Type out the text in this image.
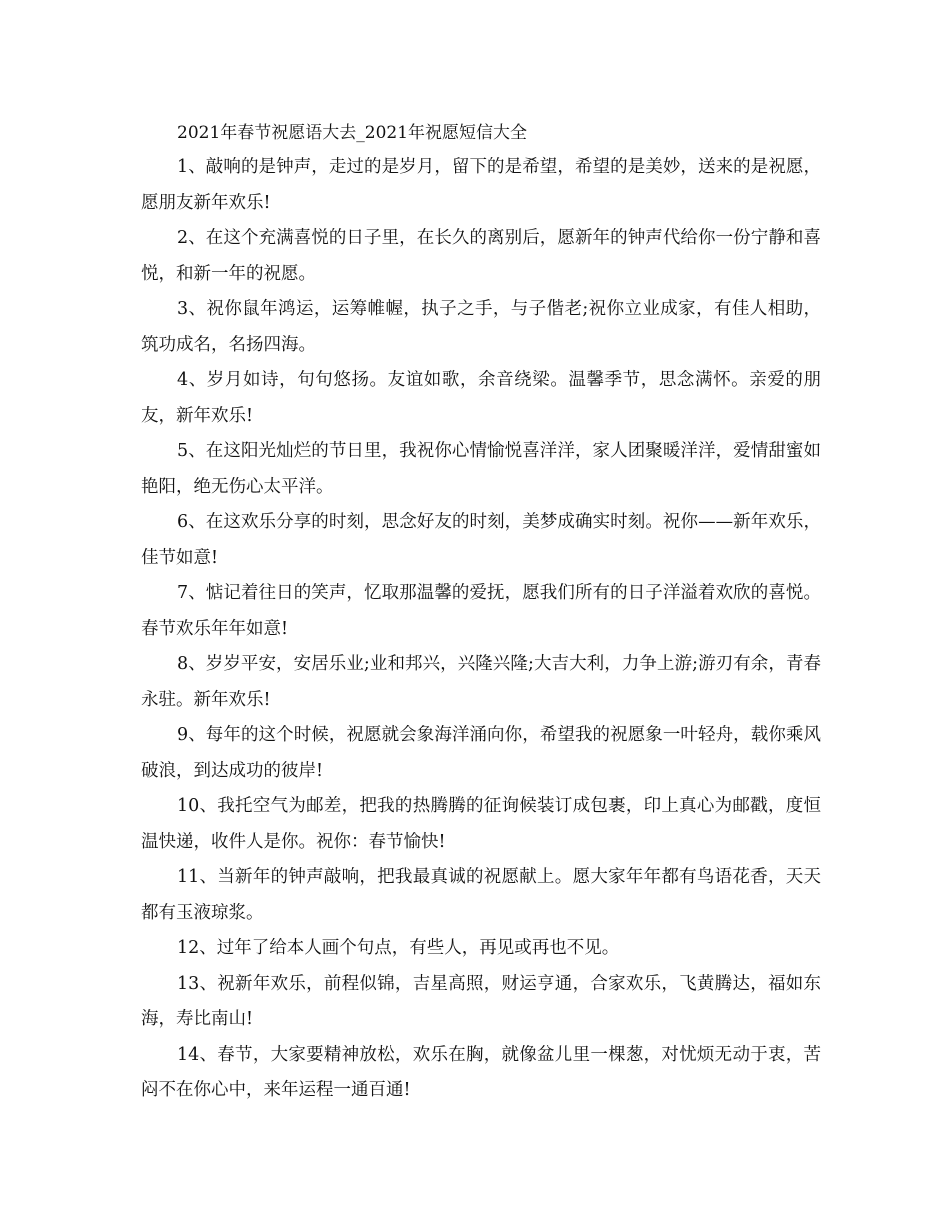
2021年春节祝愿语大去_2021年祝愿短信大全

1、敲响的是钟声，走过的是岁月，留下的是希望，希望的是美妙，送来的是祝愿，愿朋友新年欢乐!

2、在这个充满喜悦的日子里，在长久的离别后，愿新年的钟声代给你一份宁静和喜悦，和新一年的祝愿。

3、祝你鼠年鸿运，运筹帷幄，执子之手，与子偕老;祝你立业成家，有佳人相助，筑功成名，名扬四海。

4、岁月如诗，句句悠扬。友谊如歌，余音绕梁。温馨季节，思念满怀。亲爱的朋友，新年欢乐!

5、在这阳光灿烂的节日里，我祝你心情愉悦喜洋洋，家人团聚暖洋洋，爱情甜蜜如艳阳，绝无伤心太平洋。

6、在这欢乐分享的时刻，思念好友的时刻，美梦成确实时刻。祝你——新年欢乐，佳节如意!

7、惦记着往日的笑声，忆取那温馨的爱抚，愿我们所有的日子洋溢着欢欣的喜悦。春节欢乐年年如意!

8、岁岁平安，安居乐业;业和邦兴，兴隆兴隆;大吉大利，力争上游;游刃有余，青春永驻。新年欢乐!

9、每年的这个时候，祝愿就会象海洋涌向你，希望我的祝愿象一叶轻舟，载你乘风破浪，到达成功的彼岸!

10、我托空气为邮差，把我的热腾腾的征询候装订成包裹，印上真心为邮戳，度恒温快递，收件人是你。祝你：春节愉快!

11、当新年的钟声敲响，把我最真诚的祝愿献上。愿大家年年都有鸟语花香，天天都有玉液琼浆。

12、过年了给本人画个句点，有些人，再见或再也不见。

13、祝新年欢乐，前程似锦，吉星高照，财运亨通，合家欢乐，飞黄腾达，福如东海，寿比南山!

14、春节，大家要精神放松，欢乐在胸，就像盆儿里一棵葱，对忧烦无动于衷，苦闷不在你心中，来年运程一通百通!
